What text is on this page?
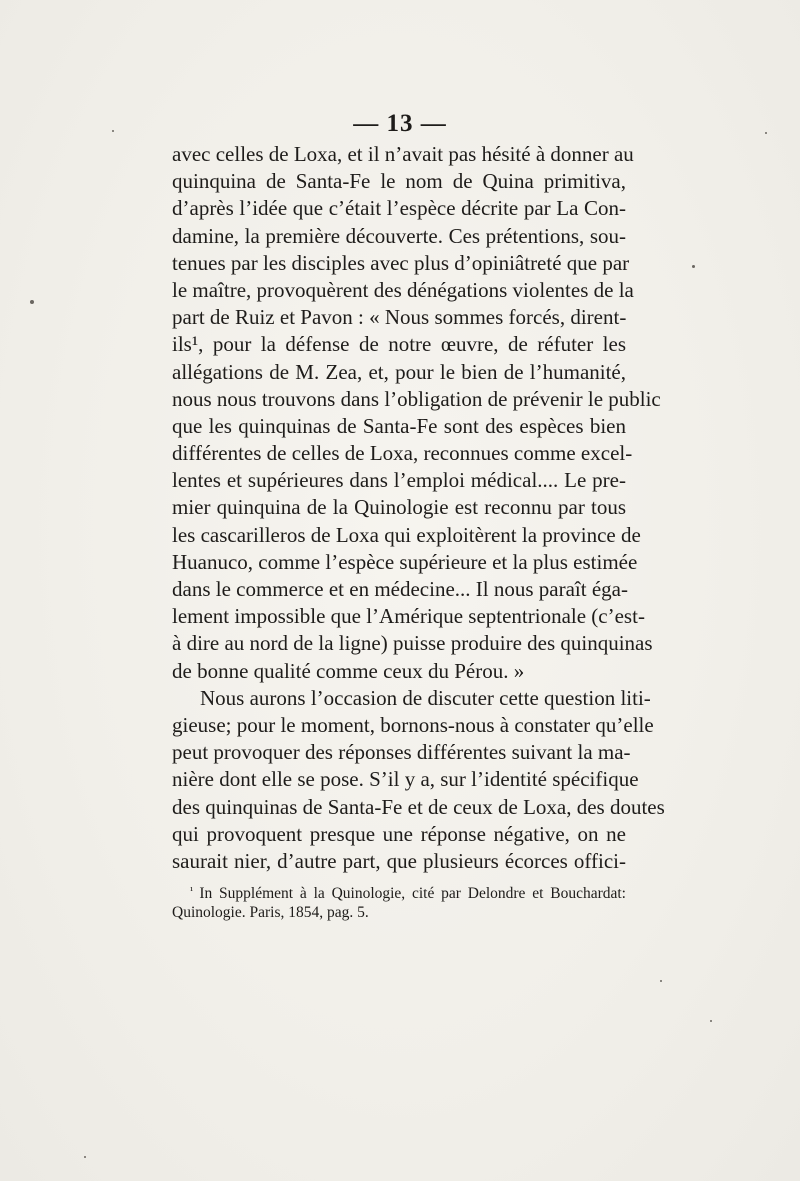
— 13 —
avec celles de Loxa, et il n’avait pas hésité à donner au
quinquina de Santa-Fe le nom de Quina primitiva,
d’après l’idée que c’était l’espèce décrite par La Con-
damine, la première découverte. Ces prétentions, sou-
tenues par les disciples avec plus d’opiniâtreté que par
le maître, provoquèrent des dénégations violentes de la
part de Ruiz et Pavon : « Nous sommes forcés, dirent-
ils¹, pour la défense de notre œuvre, de réfuter les
allégations de M. Zea, et, pour le bien de l’humanité,
nous nous trouvons dans l’obligation de prévenir le public
que les quinquinas de Santa-Fe sont des espèces bien
différentes de celles de Loxa, reconnues comme excel-
lentes et supérieures dans l’emploi médical.... Le pre-
mier quinquina de la Quinologie est reconnu par tous
les cascarilleros de Loxa qui exploitèrent la province de
Huanuco, comme l’espèce supérieure et la plus estimée
dans le commerce et en médecine... Il nous paraît éga-
lement impossible que l’Amérique septentrionale (c’est-
à dire au nord de la ligne) puisse produire des quinquinas
de bonne qualité comme ceux du Pérou. »
Nous aurons l’occasion de discuter cette question liti-
gieuse; pour le moment, bornons-nous à constater qu’elle
peut provoquer des réponses différentes suivant la ma-
nière dont elle se pose. S’il y a, sur l’identité spécifique
des quinquinas de Santa-Fe et de ceux de Loxa, des doutes
qui provoquent presque une réponse négative, on ne
saurait nier, d’autre part, que plusieurs écorces offici-
$^{^1}$ In Supplément à la Quinologie, cité par Delondre et Bouchardat:
Quinologie. Paris, 1854, pag. 5.
